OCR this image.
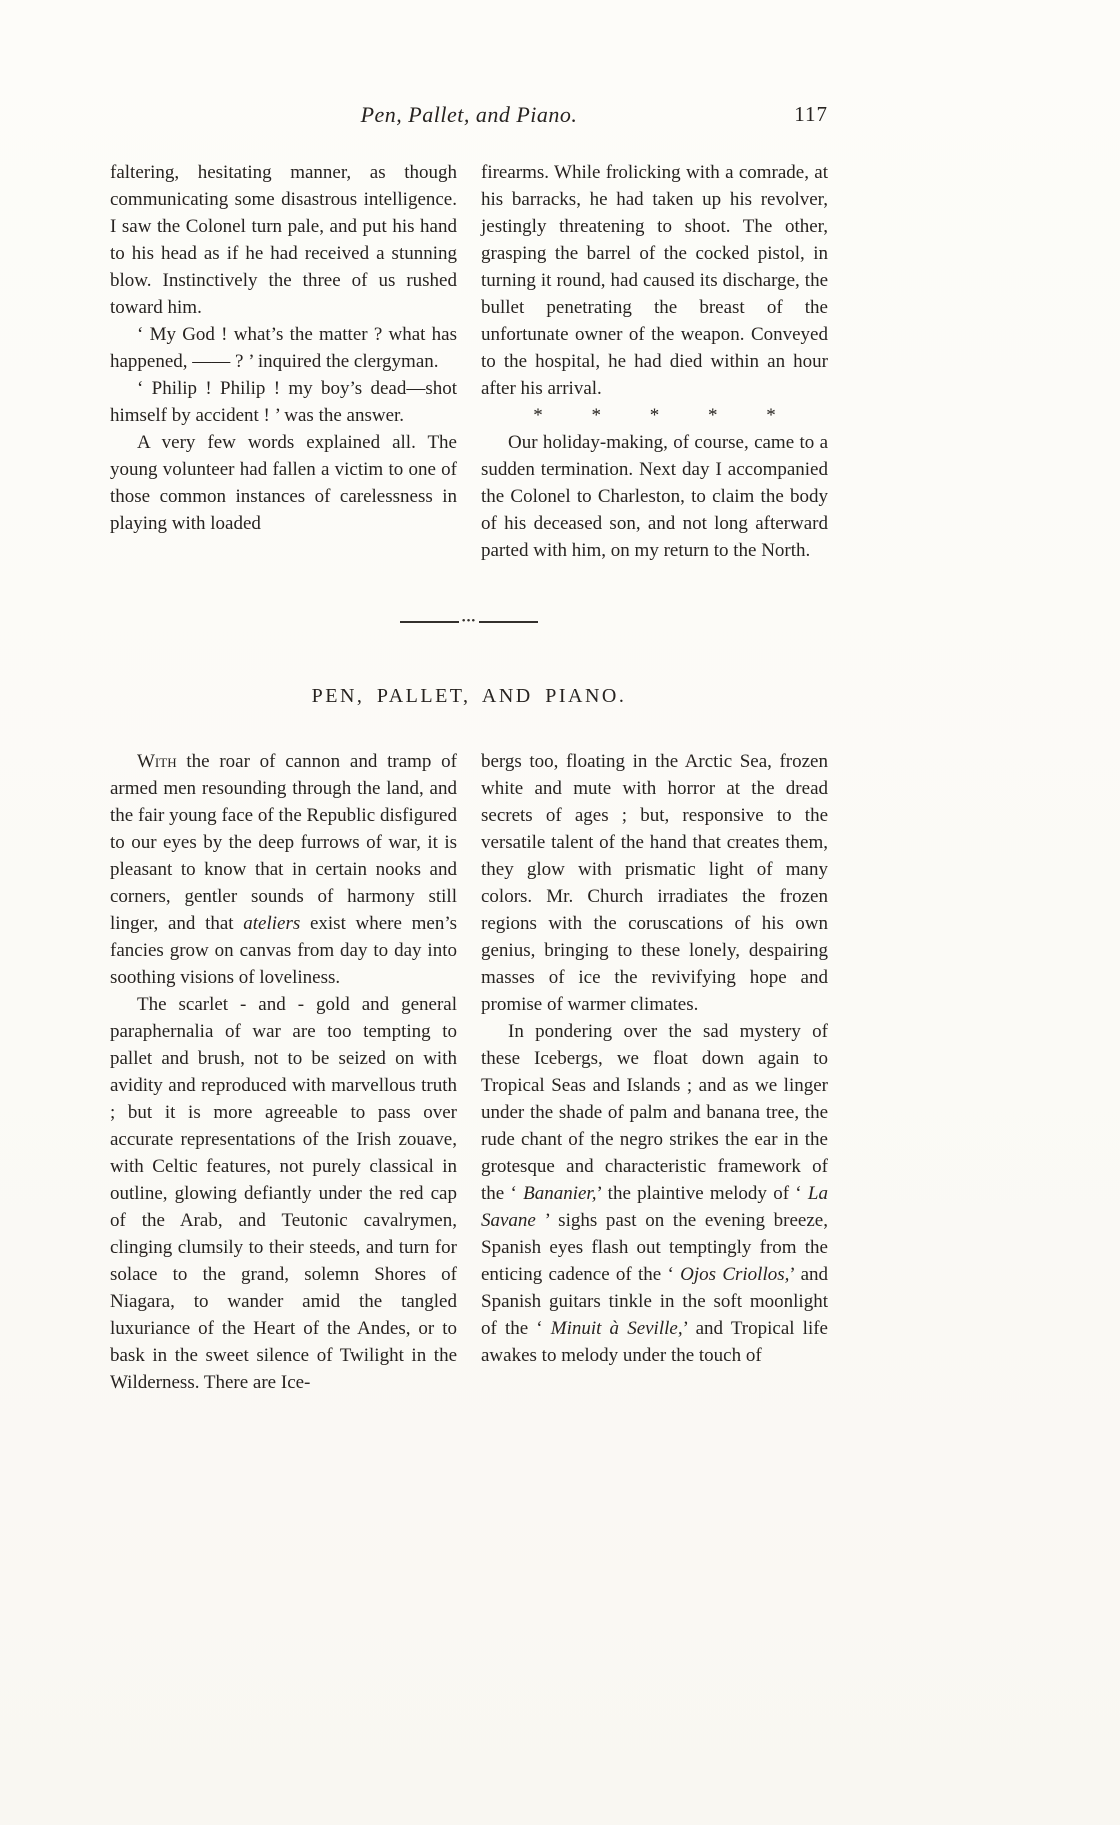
Pen, Pallet, and Piano.	117

faltering, hesitating manner, as though communicating some disastrous intelligence. I saw the Colonel turn pale, and put his hand to his head as if he had received a stunning blow. Instinctively the three of us rushed toward him.

‘ My God ! what’s the matter ? what has happened, —— ? ’ inquired the clergyman.

‘ Philip ! Philip ! my boy’s dead—shot himself by accident ! ’ was the answer.

A very few words explained all. The young volunteer had fallen a victim to one of those common instances of carelessness in playing with loaded

firearms. While frolicking with a comrade, at his barracks, he had taken up his revolver, jestingly threatening to shoot. The other, grasping the barrel of the cocked pistol, in turning it round, had caused its discharge, the bullet penetrating the breast of the unfortunate owner of the weapon. Conveyed to the hospital, he had died within an hour after his arrival.

* * * * *

Our holiday-making, of course, came to a sudden termination. Next day I accompanied the Colonel to Charleston, to claim the body of his deceased son, and not long afterward parted with him, on my return to the North.

•••
PEN, PALLET, AND PIANO.

With the roar of cannon and tramp of armed men resounding through the land, and the fair young face of the Republic disfigured to our eyes by the deep furrows of war, it is pleasant to know that in certain nooks and corners, gentler sounds of harmony still linger, and that ateliers exist where men’s fancies grow on canvas from day to day into soothing visions of loveliness.

The scarlet - and - gold and general paraphernalia of war are too tempting to pallet and brush, not to be seized on with avidity and reproduced with marvellous truth ; but it is more agreeable to pass over accurate representations of the Irish zouave, with Celtic features, not purely classical in outline, glowing defiantly under the red cap of the Arab, and Teutonic cavalrymen, clinging clumsily to their steeds, and turn for solace to the grand, solemn Shores of Niagara, to wander amid the tangled luxuriance of the Heart of the Andes, or to bask in the sweet silence of Twilight in the Wilderness. There are Ice-

bergs too, floating in the Arctic Sea, frozen white and mute with horror at the dread secrets of ages ; but, responsive to the versatile talent of the hand that creates them, they glow with prismatic light of many colors. Mr. Church irradiates the frozen regions with the coruscations of his own genius, bringing to these lonely, despairing masses of ice the revivifying hope and promise of warmer climates.

In pondering over the sad mystery of these Icebergs, we float down again to Tropical Seas and Islands ; and as we linger under the shade of palm and banana tree, the rude chant of the negro strikes the ear in the grotesque and characteristic framework of the ‘ Bananier,’ the plaintive melody of ‘ La Savane ’ sighs past on the evening breeze, Spanish eyes flash out temptingly from the enticing cadence of the ‘ Ojos Criollos,’ and Spanish guitars tinkle in the soft moonlight of the ‘ Minuit à Seville,’ and Tropical life awakes to melody under the touch of
